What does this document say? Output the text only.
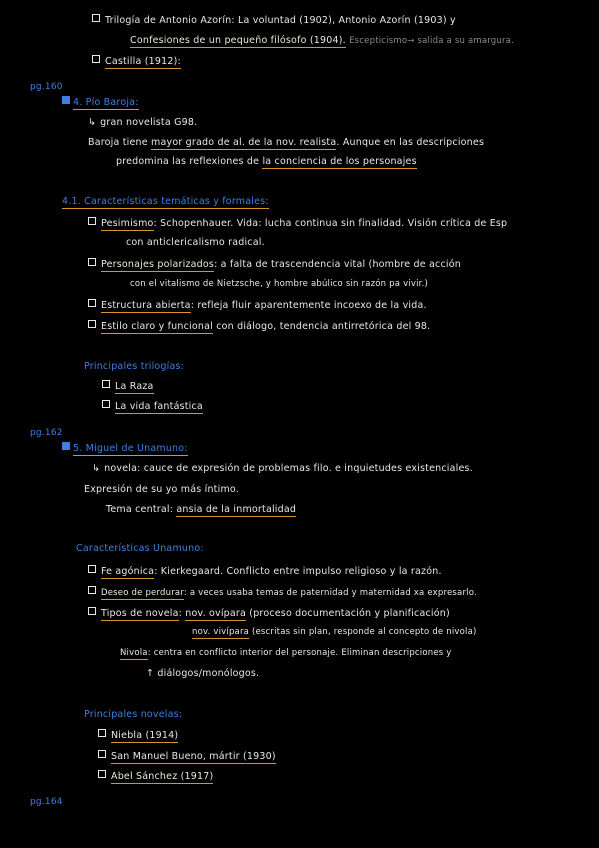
Trilogía de Antonio Azorín: La voluntad (1902), Antonio Azorín (1903) y
Confesiones de un pequeño filósofo (1904). Escepticismo→ salida a su amargura.
Castilla (1912):
pg.160
4. Pío Baroja:
↳ gran novelista G98.
Baroja tiene mayor grado de al. de la nov. realista. Aunque en las descripciones
predomina las reflexiones de la conciencia de los personajes
4.1. Características temáticas y formales:
Pesimismo: Schopenhauer. Vida: lucha continua sin finalidad. Visión crítica de Esp
con anticlericalismo radical.
Personajes polarizados: a falta de trascendencia vital (hombre de acción
con el vitalismo de Nietzsche, y hombre abúlico sin razón pa vivir.)
Estructura abierta: refleja fluir aparentemente incoexo de la vida.
Estilo claro y funcional con diálogo, tendencia antirretórica del 98.
Principales trilogías:
La Raza
La vida fantástica
pg.162
5. Miguel de Unamuno:
↳ novela: cauce de expresión de problemas filo. e inquietudes existenciales.
Expresión de su yo más íntimo.
Tema central: ansia de la inmortalidad
Características Unamuno:
Fe agónica: Kierkegaard. Conflicto entre impulso religioso y la razón.
Deseo de perdurar: a veces usaba temas de paternidad y maternidad xa expresarlo.
Tipos de novela: nov. ovípara (proceso documentación y planificación)
nov. vivípara (escritas sin plan, responde al concepto de nivola)
Nivola: centra en conflicto interior del personaje. Eliminan descripciones y
↑ diálogos/monólogos.
Principales novelas:
Niebla (1914)
San Manuel Bueno, mártir (1930)
Abel Sánchez (1917)
pg.164
